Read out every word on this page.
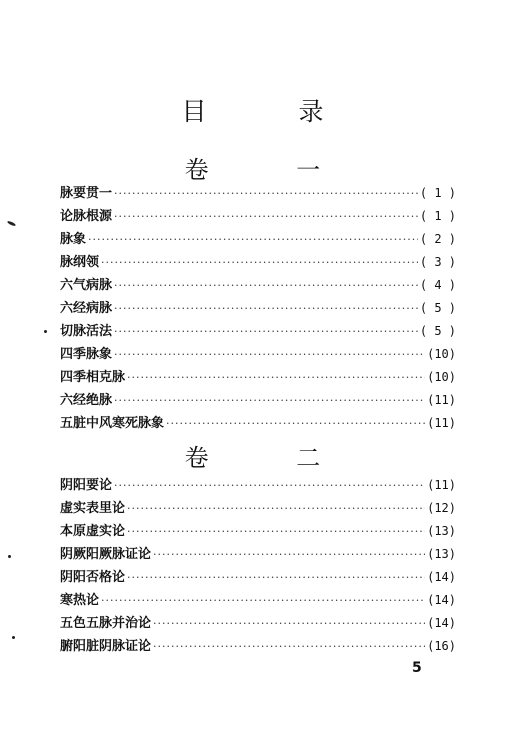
目 录
卷 一
脉要贯一 ·····	( 1 )
论脉根源 ·····	( 1 )
脉象 ·····	( 2 )
脉纲领 ·····	( 3 )
六气病脉 ·····	( 4 )
六经病脉 ·····	( 5 )
切脉活法 ·····	( 5 )
四季脉象 ·····	(10)
四季相克脉 ·····	(10)
六经绝脉 ·····	(11)
五脏中风寒死脉象 ·····	(11)
卷 二
阴阳要论 ·····	(11)
虚实表里论 ·····	(12)
本原虚实论 ·····	(13)
阴厥阳厥脉证论 ·····	(13)
阴阳否格论 ·····	(14)
寒热论 ·····	(14)
五色五脉并治论 ·····	(14)
腑阳脏阴脉证论 ·····	(16)
5
